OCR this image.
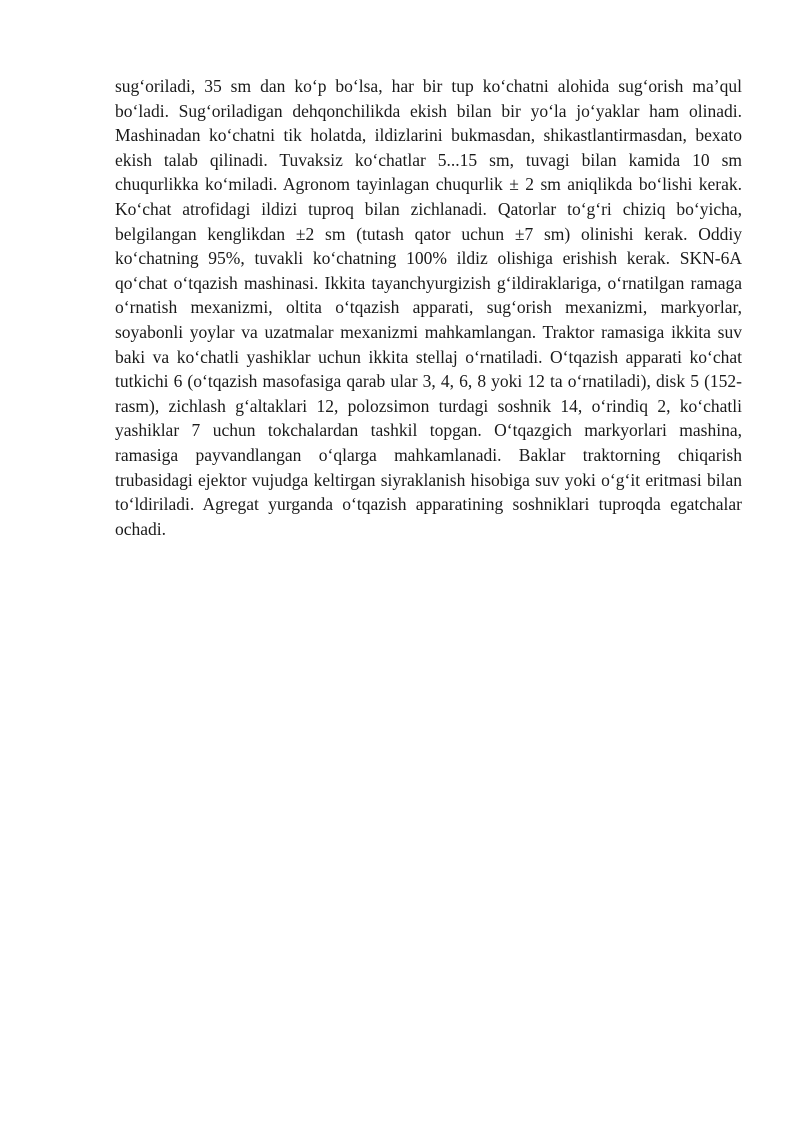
sug‘oriladi, 35 sm dan ko‘p bo‘lsa, har bir tup ko‘chatni alohida sug‘orish ma’qul bo‘ladi. Sug‘oriladigan dehqonchilikda ekish bilan bir yo‘la jo‘yaklar ham olinadi. Mashinadan ko‘chatni tik holatda, ildizlarini bukmasdan, shikastlantirmasdan, bexato ekish talab qilinadi. Tuvaksiz ko‘chatlar 5...15 sm, tuvagi bilan kamida 10 sm chuqurlikka ko‘miladi. Agronom tayinlagan chuqurlik ± 2 sm aniqlikda bo‘lishi kerak. Ko‘chat atrofidagi ildizi tuproq bilan zichlanadi. Qatorlar to‘g‘ri chiziq bo‘yicha, belgilangan kenglikdan ±2 sm (tutash qator uchun ±7 sm) olinishi kerak. Oddiy ko‘chatning 95%, tuvakli ko‘chatning 100% ildiz olishiga erishish kerak. SKN-6A qo‘chat o‘tqazish mashinasi. Ikkita tayanchyurgizish g‘ildiraklariga, o‘rnatilgan ramaga o‘rnatish mexanizmi, oltita o‘tqazish apparati, sug‘orish mexanizmi, markyorlar, soyabonli yoylar va uzatmalar mexanizmi mahkamlangan. Traktor ramasiga ikkita suv baki va ko‘chatli yashiklar uchun ikkita stellaj o‘rnatiladi. O‘tqazish apparati ko‘chat tutkichi 6 (o‘tqazish masofasiga qarab ular 3, 4, 6, 8 yoki 12 ta o‘rnatiladi), disk 5 (152- rasm), zichlash g‘altaklari 12, polozsimon turdagi soshnik 14, o‘rindiq 2, ko‘chatli yashiklar 7 uchun tokchalardan tashkil topgan. O‘tqazgich markyorlari mashina, ramasiga payvandlangan o‘qlarga mahkamlanadi. Baklar traktorning chiqarish trubasidagi ejektor vujudga keltirgan siyraklanish hisobiga suv yoki o‘g‘it eritmasi bilan to‘ldiriladi. Agregat yurganda o‘tqazish apparatining soshniklari tuproqda egatchalar ochadi.
